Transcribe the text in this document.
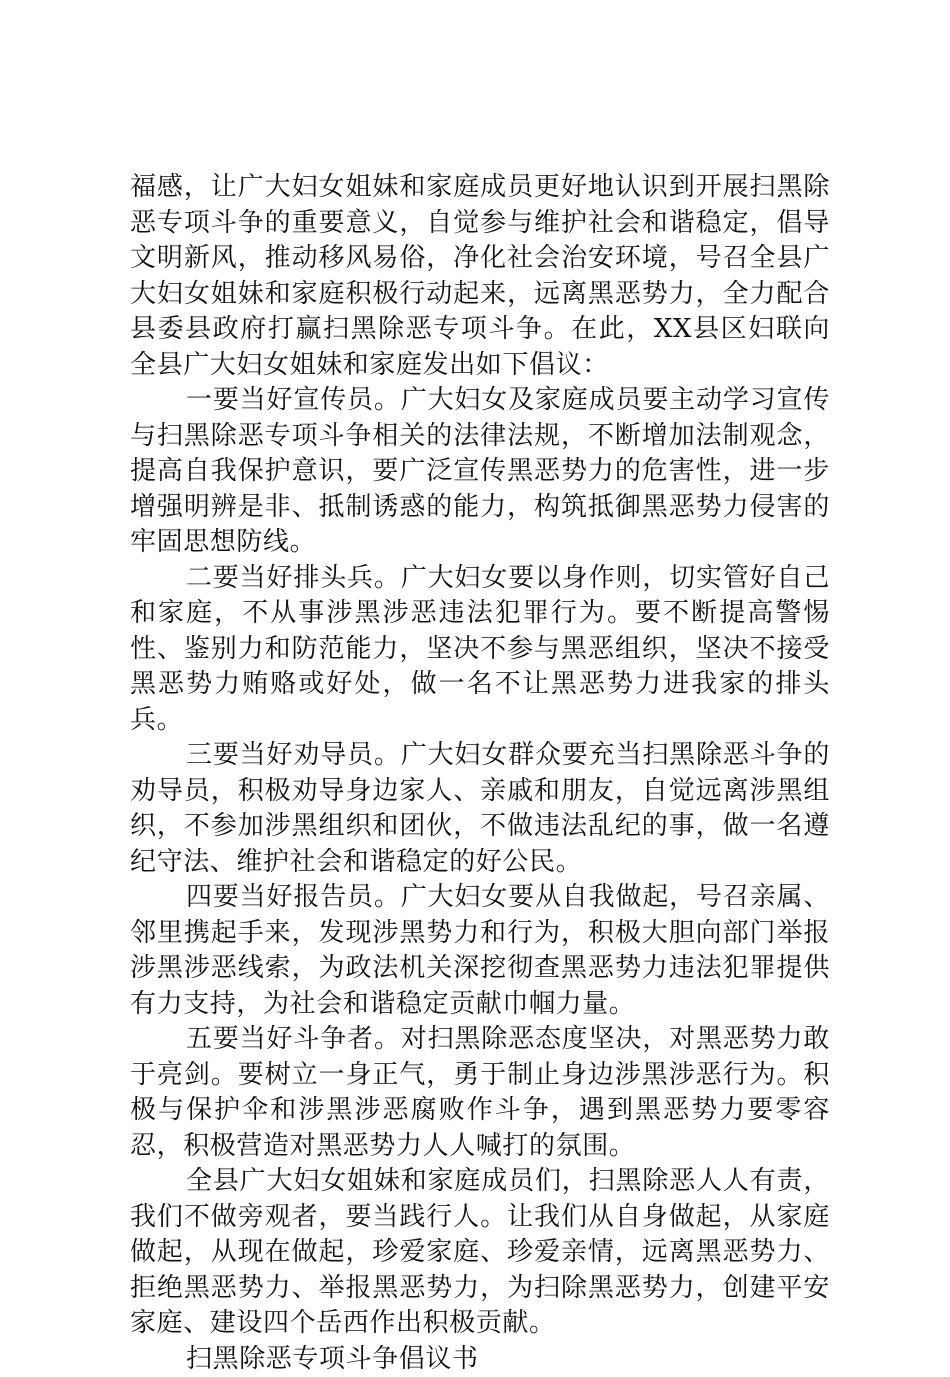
福感，让广大妇女姐妹和家庭成员更好地认识到开展扫黑除恶专项斗争的重要意义，自觉参与维护社会和谐稳定，倡导文明新风，推动移风易俗，净化社会治安环境，号召全县广大妇女姐妹和家庭积极行动起来，远离黑恶势力，全力配合县委县政府打赢扫黑除恶专项斗争。在此，XX县区妇联向全县广大妇女姐妹和家庭发出如下倡议：

一要当好宣传员。广大妇女及家庭成员要主动学习宣传与扫黑除恶专项斗争相关的法律法规，不断增加法制观念，提高自我保护意识，要广泛宣传黑恶势力的危害性，进一步增强明辨是非、抵制诱惑的能力，构筑抵御黑恶势力侵害的牢固思想防线。

二要当好排头兵。广大妇女要以身作则，切实管好自己和家庭，不从事涉黑涉恶违法犯罪行为。要不断提高警惕性、鉴别力和防范能力，坚决不参与黑恶组织，坚决不接受黑恶势力贿赂或好处，做一名不让黑恶势力进我家的排头兵。

三要当好劝导员。广大妇女群众要充当扫黑除恶斗争的劝导员，积极劝导身边家人、亲戚和朋友，自觉远离涉黑组织，不参加涉黑组织和团伙，不做违法乱纪的事，做一名遵纪守法、维护社会和谐稳定的好公民。

四要当好报告员。广大妇女要从自我做起，号召亲属、邻里携起手来，发现涉黑势力和行为，积极大胆向部门举报涉黑涉恶线索，为政法机关深挖彻查黑恶势力违法犯罪提供有力支持，为社会和谐稳定贡献巾帼力量。

五要当好斗争者。对扫黑除恶态度坚决，对黑恶势力敢于亮剑。要树立一身正气，勇于制止身边涉黑涉恶行为。积极与保护伞和涉黑涉恶腐败作斗争，遇到黑恶势力要零容忍，积极营造对黑恶势力人人喊打的氛围。

全县广大妇女姐妹和家庭成员们，扫黑除恶人人有责，我们不做旁观者，要当践行人。让我们从自身做起，从家庭做起，从现在做起，珍爱家庭、珍爱亲情，远离黑恶势力、拒绝黑恶势力、举报黑恶势力，为扫除黑恶势力，创建平安家庭、建设四个岳西作出积极贡献。

扫黑除恶专项斗争倡议书
